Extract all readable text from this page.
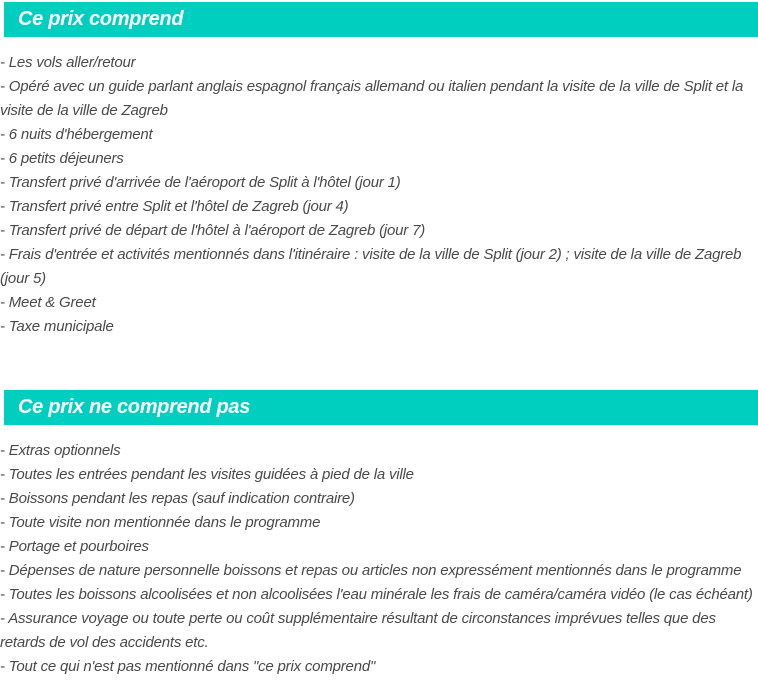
Ce prix comprend
- Les vols aller/retour
- Opéré avec un guide parlant anglais espagnol français allemand ou italien pendant la visite de la ville de Split et la visite de la ville de Zagreb
- 6 nuits d'hébergement
- 6 petits déjeuners
- Transfert privé d'arrivée de l'aéroport de Split à l'hôtel (jour 1)
- Transfert privé entre Split et l'hôtel de Zagreb (jour 4)
- Transfert privé de départ de l'hôtel à l'aéroport de Zagreb (jour 7)
- Frais d'entrée et activités mentionnés dans l'itinéraire : visite de la ville de Split (jour 2) ; visite de la ville de Zagreb (jour 5)
- Meet & Greet
- Taxe municipale
Ce prix ne comprend pas
- Extras optionnels
- Toutes les entrées pendant les visites guidées à pied de la ville
- Boissons pendant les repas (sauf indication contraire)
- Toute visite non mentionnée dans le programme
- Portage et pourboires
- Dépenses de nature personnelle boissons et repas ou articles non expressément mentionnés dans le programme
- Toutes les boissons alcoolisées et non alcoolisées l'eau minérale les frais de caméra/caméra vidéo (le cas échéant)
- Assurance voyage ou toute perte ou coût supplémentaire résultant de circonstances imprévues telles que des retards de vol des accidents etc.
- Tout ce qui n'est pas mentionné dans "ce prix comprend"
